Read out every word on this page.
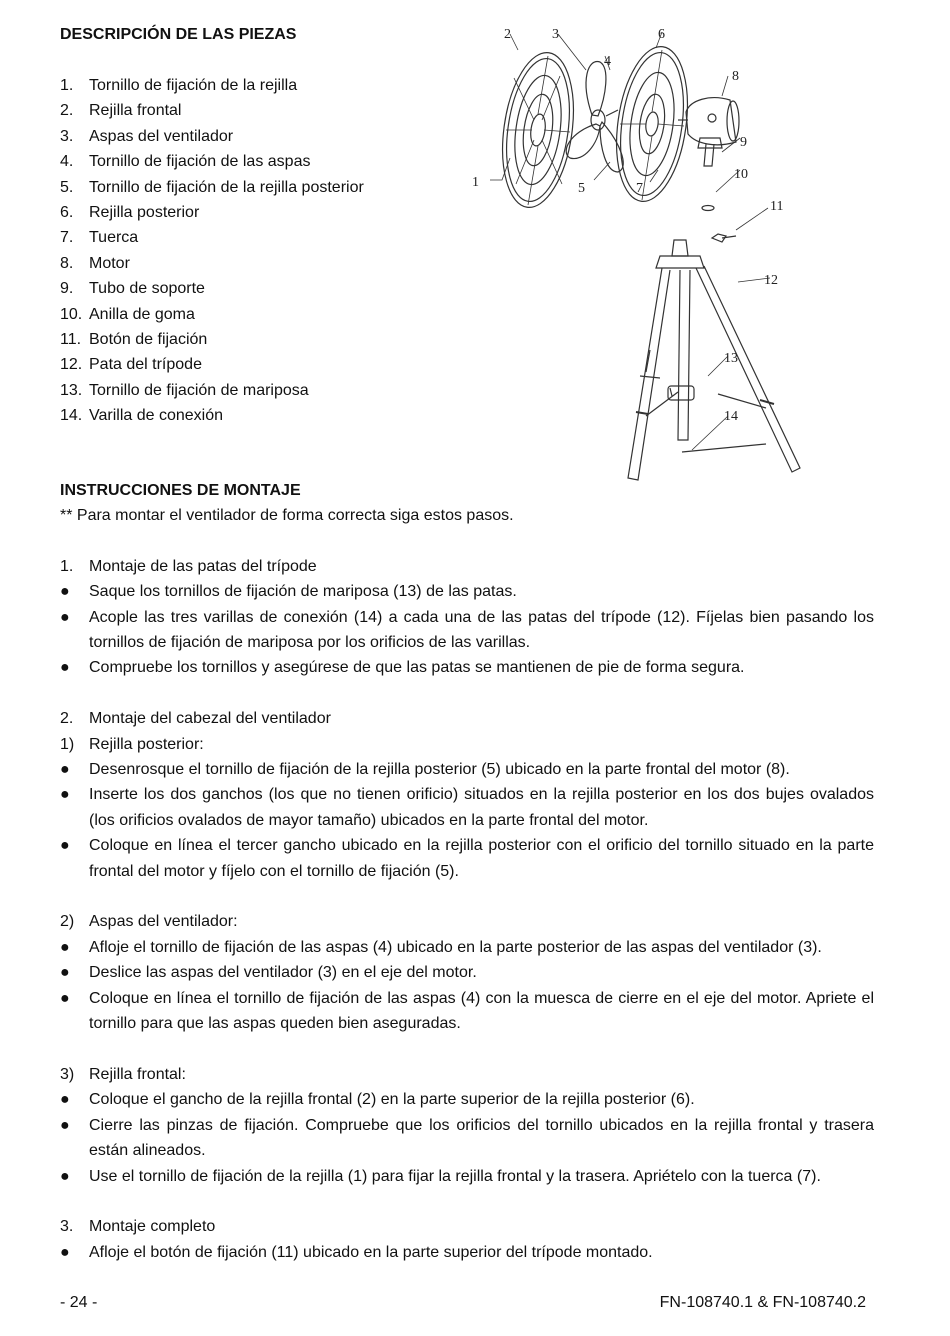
DESCRIPCIÓN DE LAS PIEZAS
1. Tornillo de fijación de la rejilla
2. Rejilla frontal
3. Aspas del ventilador
4. Tornillo de fijación de las aspas
5. Tornillo de fijación de la rejilla posterior
6. Rejilla posterior
7. Tuerca
8. Motor
9. Tubo de soporte
10. Anilla de goma
11. Botón de fijación
12. Pata del trípode
13. Tornillo de fijación de mariposa
14. Varilla de conexión
2	3
4
6
8
9
10
11
12
13
14
1	5	7
INSTRUCCIONES DE MONTAJE
** Para montar el ventilador de forma correcta siga estos pasos.
1. Montaje de las patas del trípode
● Saque los tornillos de fijación de mariposa (13) de las patas.
● Acople las tres varillas de conexión (14) a cada una de las patas del trípode (12). Fíjelas bien pasando los tornillos de fijación de mariposa por los orificios de las varillas.
● Compruebe los tornillos y asegúrese de que las patas se mantienen de pie de forma segura.
2. Montaje del cabezal del ventilador
1) Rejilla posterior:
● Desenrosque el tornillo de fijación de la rejilla posterior (5) ubicado en la parte frontal del motor (8).
● Inserte los dos ganchos (los que no tienen orificio) situados en la rejilla posterior en los dos bujes ovalados (los orificios ovalados de mayor tamaño) ubicados en la parte frontal del motor.
● Coloque en línea el tercer gancho ubicado en la rejilla posterior con el orificio del tornillo situado en la parte frontal del motor y fíjelo con el tornillo de fijación (5).
2) Aspas del ventilador:
● Afloje el tornillo de fijación de las aspas (4) ubicado en la parte posterior de las aspas del ventilador (3).
● Deslice las aspas del ventilador (3) en el eje del motor.
● Coloque en línea el tornillo de fijación de las aspas (4) con la muesca de cierre en el eje del motor. Apriete el tornillo para que las aspas queden bien aseguradas.
3) Rejilla frontal:
● Coloque el gancho de la rejilla frontal (2) en la parte superior de la rejilla posterior (6).
● Cierre las pinzas de fijación. Compruebe que los orificios del tornillo ubicados en la rejilla frontal y trasera están alineados.
● Use el tornillo de fijación de la rejilla (1) para fijar la rejilla frontal y la trasera. Apriételo con la tuerca (7).
3. Montaje completo
● Afloje el botón de fijación (11) ubicado en la parte superior del trípode montado.
- 24 -	FN-108740.1 & FN-108740.2
